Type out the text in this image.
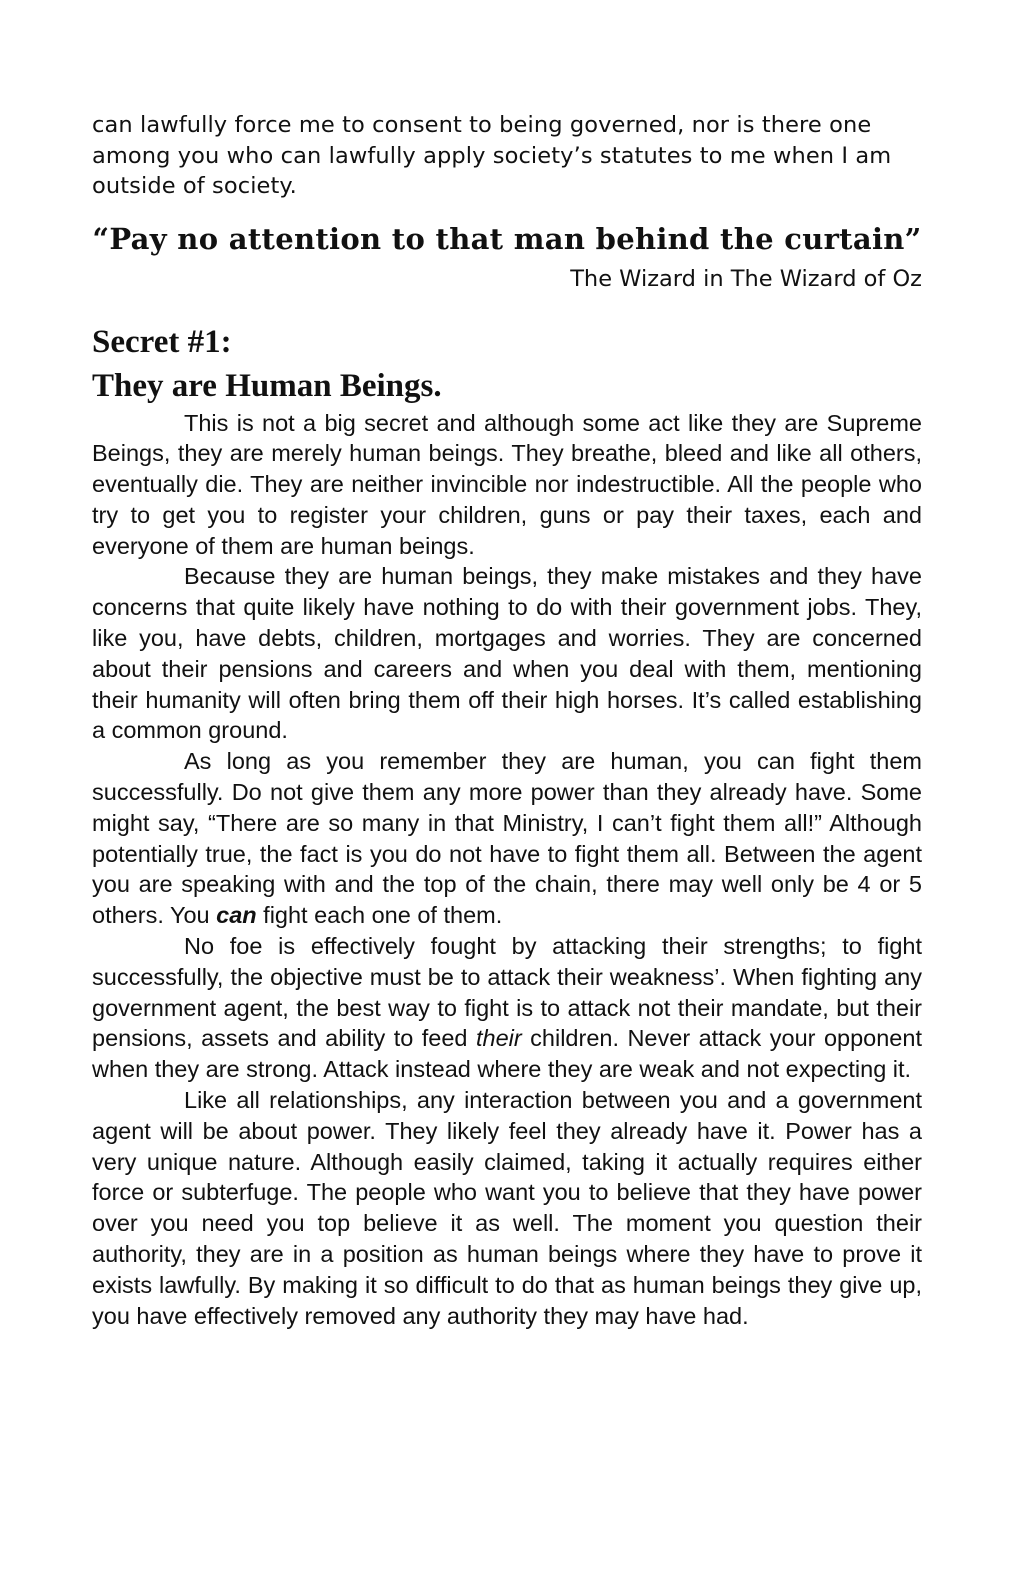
can lawfully force me to consent to being governed, nor is there one among you who can lawfully apply society’s statutes to me when I am outside of society.

“Pay no attention to that man behind the curtain”
The Wizard in The Wizard of Oz
Secret #1:
They are Human Beings.

This is not a big secret and although some act like they are Supreme Beings, they are merely human beings. They breathe, bleed and like all others, eventually die. They are neither invincible nor indestructible. All the people who try to get you to register your children, guns or pay their taxes, each and everyone of them are human beings.

Because they are human beings, they make mistakes and they have concerns that quite likely have nothing to do with their government jobs. They, like you, have debts, children, mortgages and worries. They are concerned about their pensions and careers and when you deal with them, mentioning their humanity will often bring them off their high horses. It’s called establishing a common ground.

As long as you remember they are human, you can fight them successfully. Do not give them any more power than they already have. Some might say, “There are so many in that Ministry, I can’t fight them all!” Although potentially true, the fact is you do not have to fight them all. Between the agent you are speaking with and the top of the chain, there may well only be 4 or 5 others. You can fight each one of them.

No foe is effectively fought by attacking their strengths; to fight successfully, the objective must be to attack their weakness’. When fighting any government agent, the best way to fight is to attack not their mandate, but their pensions, assets and ability to feed their children. Never attack your opponent when they are strong. Attack instead where they are weak and not expecting it.

Like all relationships, any interaction between you and a government agent will be about power. They likely feel they already have it. Power has a very unique nature. Although easily claimed, taking it actually requires either force or subterfuge. The people who want you to believe that they have power over you need you top believe it as well. The moment you question their authority, they are in a position as human beings where they have to prove it exists lawfully. By making it so difficult to do that as human beings they give up, you have effectively removed any authority they may have had.
